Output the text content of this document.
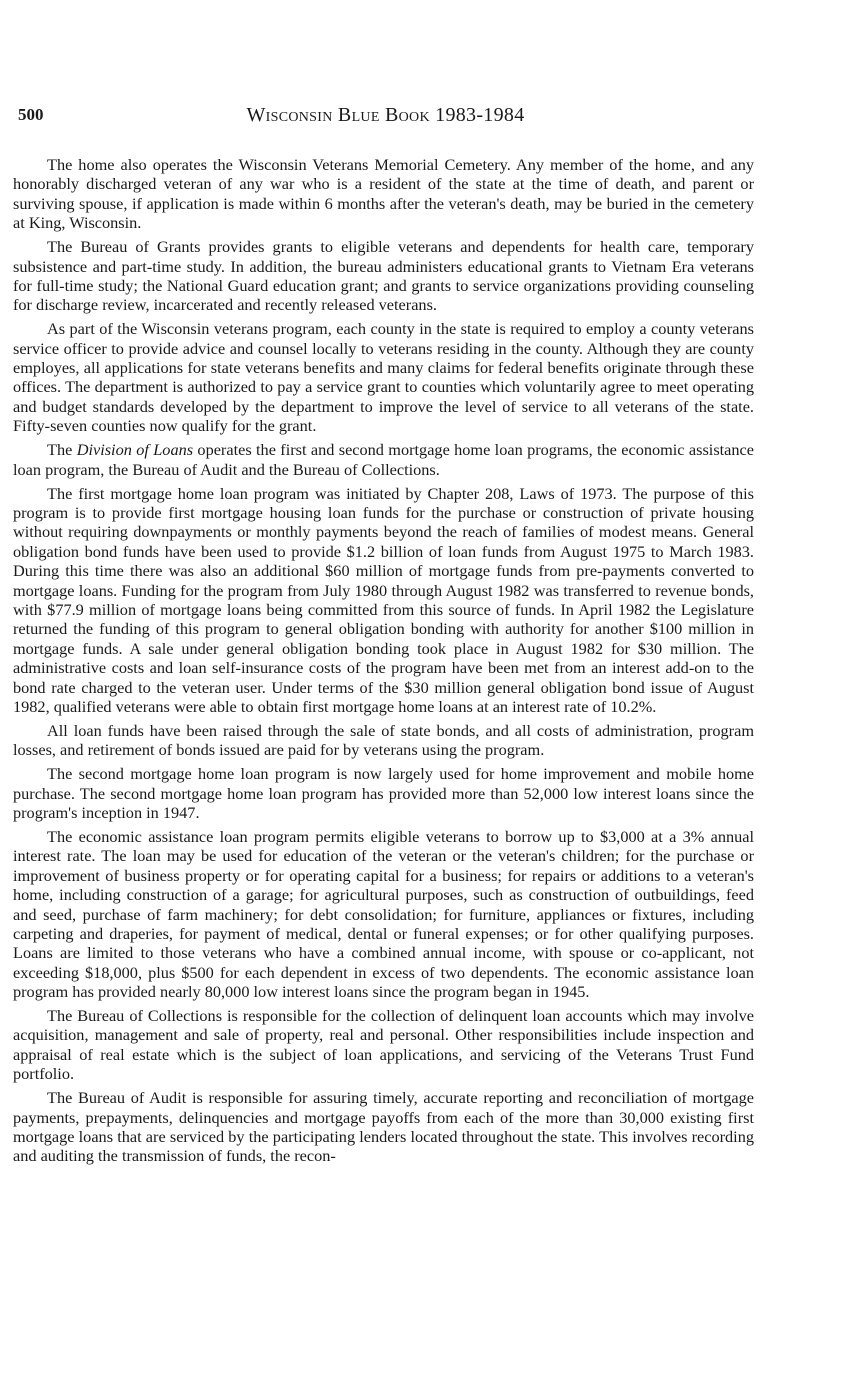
500	Wisconsin Blue Book 1983-1984

The home also operates the Wisconsin Veterans Memorial Cemetery. Any member of the home, and any honorably discharged veteran of any war who is a resident of the state at the time of death, and parent or surviving spouse, if application is made within 6 months after the veteran's death, may be buried in the cemetery at King, Wisconsin.

The Bureau of Grants provides grants to eligible veterans and dependents for health care, temporary subsistence and part-time study. In addition, the bureau administers educational grants to Vietnam Era veterans for full-time study; the National Guard education grant; and grants to service organizations providing counseling for discharge review, incarcerated and recently released veterans.

As part of the Wisconsin veterans program, each county in the state is required to employ a county veterans service officer to provide advice and counsel locally to veterans residing in the county. Although they are county employes, all applications for state veterans benefits and many claims for federal benefits originate through these offices. The department is authorized to pay a service grant to counties which voluntarily agree to meet operating and budget standards developed by the department to improve the level of service to all veterans of the state. Fifty-seven counties now qualify for the grant.

The Division of Loans operates the first and second mortgage home loan programs, the economic assistance loan program, the Bureau of Audit and the Bureau of Collections.

The first mortgage home loan program was initiated by Chapter 208, Laws of 1973. The purpose of this program is to provide first mortgage housing loan funds for the purchase or construction of private housing without requiring downpayments or monthly payments beyond the reach of families of modest means. General obligation bond funds have been used to provide $1.2 billion of loan funds from August 1975 to March 1983. During this time there was also an additional $60 million of mortgage funds from pre-payments converted to mortgage loans. Funding for the program from July 1980 through August 1982 was transferred to revenue bonds, with $77.9 million of mortgage loans being committed from this source of funds. In April 1982 the Legislature returned the funding of this program to general obligation bonding with authority for another $100 million in mortgage funds. A sale under general obligation bonding took place in August 1982 for $30 million. The administrative costs and loan self-insurance costs of the program have been met from an interest add-on to the bond rate charged to the veteran user. Under terms of the $30 million general obligation bond issue of August 1982, qualified veterans were able to obtain first mortgage home loans at an interest rate of 10.2%.

All loan funds have been raised through the sale of state bonds, and all costs of administration, program losses, and retirement of bonds issued are paid for by veterans using the program.

The second mortgage home loan program is now largely used for home improvement and mobile home purchase. The second mortgage home loan program has provided more than 52,000 low interest loans since the program's inception in 1947.

The economic assistance loan program permits eligible veterans to borrow up to $3,000 at a 3% annual interest rate. The loan may be used for education of the veteran or the veteran's children; for the purchase or improvement of business property or for operating capital for a business; for repairs or additions to a veteran's home, including construction of a garage; for agricultural purposes, such as construction of outbuildings, feed and seed, purchase of farm machinery; for debt consolidation; for furniture, appliances or fixtures, including carpeting and draperies, for payment of medical, dental or funeral expenses; or for other qualifying purposes. Loans are limited to those veterans who have a combined annual income, with spouse or co-applicant, not exceeding $18,000, plus $500 for each dependent in excess of two dependents. The economic assistance loan program has provided nearly 80,000 low interest loans since the program began in 1945.

The Bureau of Collections is responsible for the collection of delinquent loan accounts which may involve acquisition, management and sale of property, real and personal. Other responsibilities include inspection and appraisal of real estate which is the subject of loan applications, and servicing of the Veterans Trust Fund portfolio.

The Bureau of Audit is responsible for assuring timely, accurate reporting and reconciliation of mortgage payments, prepayments, delinquencies and mortgage payoffs from each of the more than 30,000 existing first mortgage loans that are serviced by the participating lenders located throughout the state. This involves recording and auditing the transmission of funds, the recon-
